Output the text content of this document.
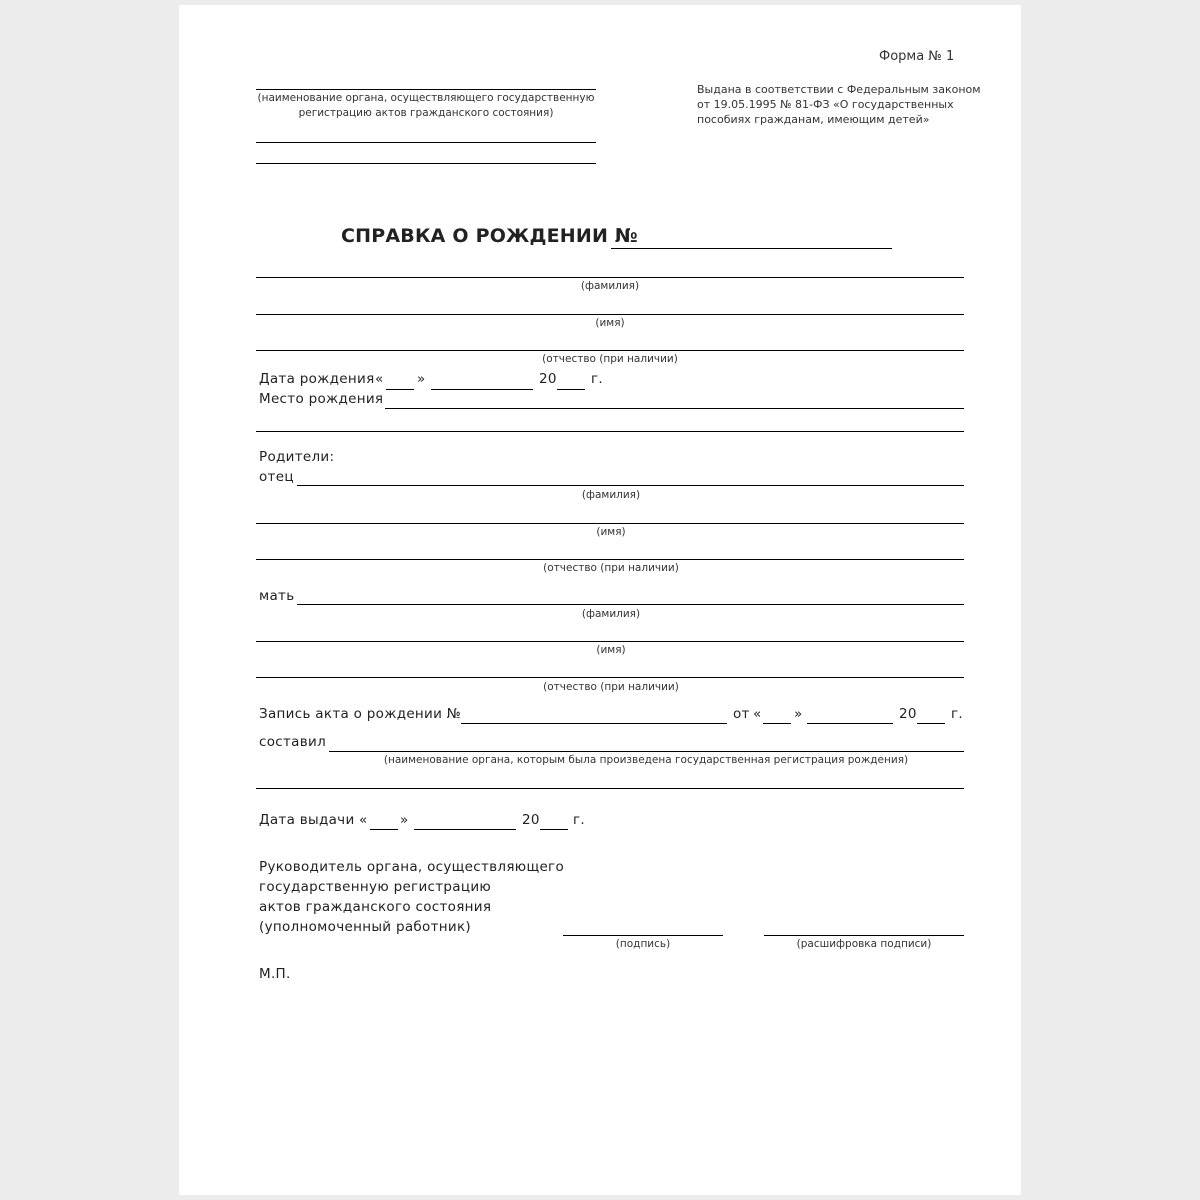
Форма № 1
Выдана в соответствии с Федеральным законом
от 19.05.1995 № 81-ФЗ «О государственных
пособиях гражданам, имеющим детей»
(наименование органа, осуществляющего государственную
регистрацию актов гражданского состояния)
СПРАВКА О РОЖДЕНИИ №
(фамилия)
(имя)
(отчество (при наличии)
Дата рождения « »	20	г.
Место рождения
Родители:
отец
(фамилия)
(имя)
(отчество (при наличии)
мать
(фамилия)
(имя)
(отчество (при наличии)
Запись акта о рождении №	от « »	20	г.
составил
(наименование органа, которым была произведена государственная регистрация рождения)
Дата выдачи « »	20 г.
Руководитель органа, осуществляющего
государственную регистрацию
актов гражданского состояния
(уполномоченный работник)
(подпись)	(расшифровка подписи)
М.П.
